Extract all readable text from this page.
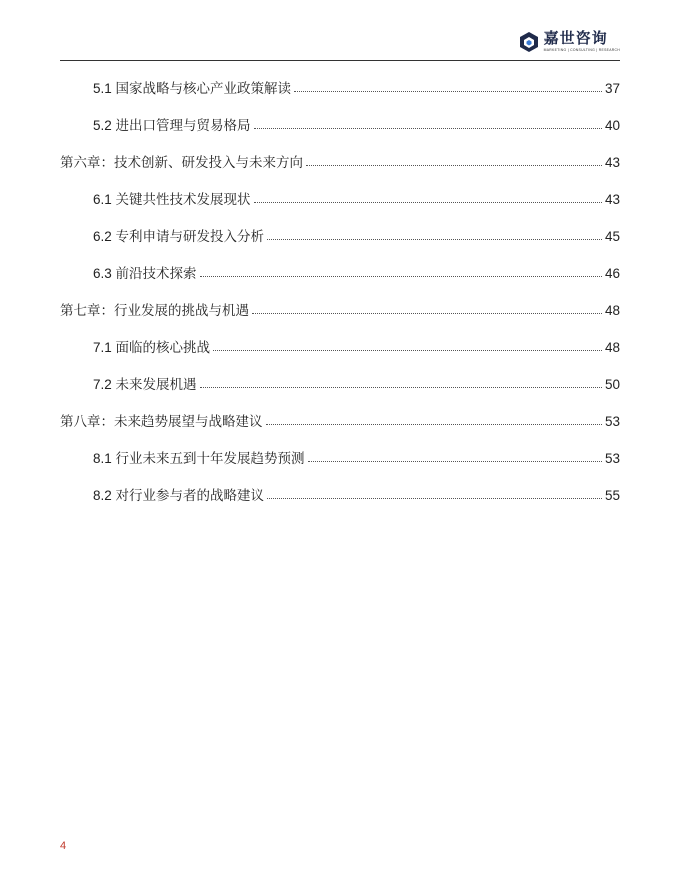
嘉世咨询
MARKETING | CONSULTING | RESEARCH
5.1 国家战略与核心产业政策解读	37
5.2 进出口管理与贸易格局	40
第六章：技术创新、研发投入与未来方向	43
6.1 关键共性技术发展现状	43
6.2 专利申请与研发投入分析	45
6.3 前沿技术探索	46
第七章：行业发展的挑战与机遇	48
7.1 面临的核心挑战	48
7.2 未来发展机遇	50
第八章：未来趋势展望与战略建议	53
8.1 行业未来五到十年发展趋势预测	53
8.2 对行业参与者的战略建议	55
4
